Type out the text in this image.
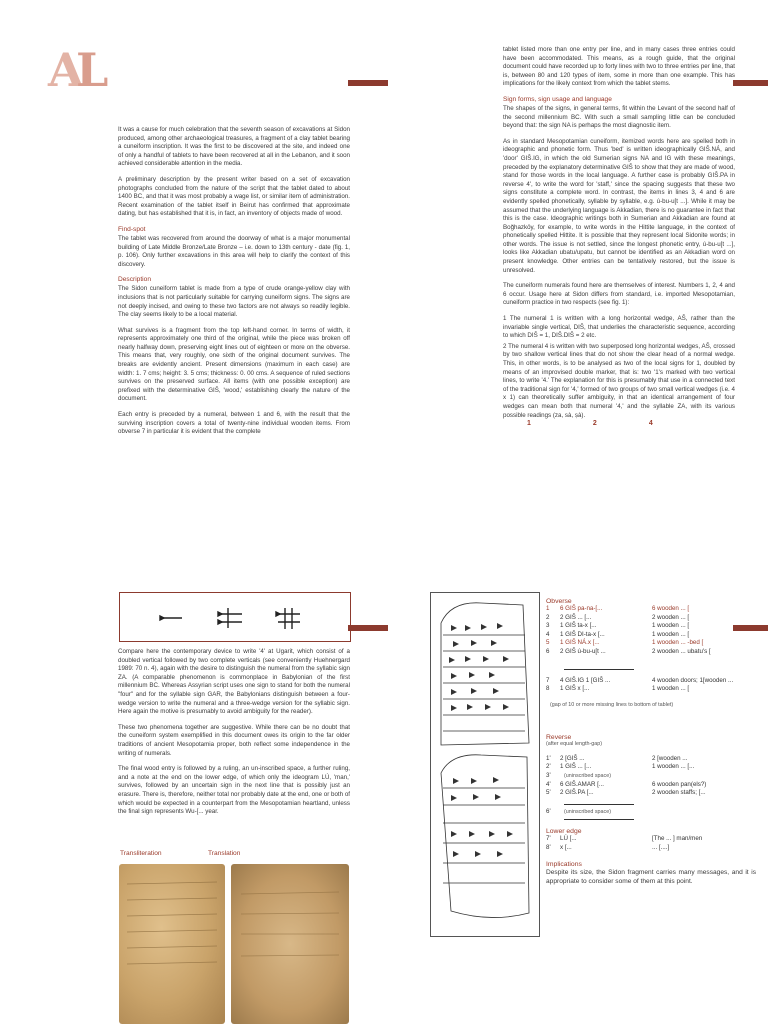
A
L

It was a cause for much celebration that the seventh season of excavations at Sidon produced, among other archaeological treasures, a fragment of a clay tablet bearing a cuneiform inscription. It was the first to be discovered at the site, and indeed one of only a handful of tablets to have been recovered at all in the Lebanon, and it soon achieved considerable attention in the media.

A preliminary description by the present writer based on a set of excavation photographs concluded from the nature of the script that the tablet dated to about 1400 BC, and that it was most probably a wage list, or similar item of administration. Recent examination of the tablet itself in Beirut has confirmed that approximate dating, but has established that it is, in fact, an inventory of objects made of wood.

Find-spot

The tablet was recovered from around the doorway of what is a major monumental building of Late Middle Bronze/Late Bronze – i.e. down to 13th century - date (fig. 1, p. 106). Only further excavations in this area will help to clarify the context of this discovery.

Description

The Sidon cuneiform tablet is made from a type of crude orange-yellow clay with inclusions that is not particularly suitable for carrying cuneiform signs. The signs are not deeply incised, and owing to these two factors are not always so readily legible. The clay seems likely to be a local material.

What survives is a fragment from the top left-hand corner. In terms of width, it represents approximately one third of the original, while the piece was broken off nearly halfway down, preserving eight lines out of eighteen or more on the obverse. This means that, very roughly, one sixth of the original document survives. The breaks are evidently ancient. Present dimensions (maximum in each case) are width: 1. 7 cms; height: 3. 5 cms; thickness: 0. 00 cms. A sequence of ruled sections survives on the preserved surface. All items (with one possible exception) are prefixed with the determinative GIŠ, 'wood,' establishing clearly the nature of the document.

Each entry is preceded by a numeral, between 1 and 6, with the result that the surviving inscription covers a total of twenty-nine individual wooden items. From obverse 7 in particular it is evident that the complete

tablet listed more than one entry per line, and in many cases three entries could have been accommodated. This means, as a rough guide, that the original document could have recorded up to forty lines with two to three entries per line, that is, between 80 and 120 types of item, some in more than one example. This has implications for the likely context from which the tablet stems.

Sign forms, sign usage and language

The shapes of the signs, in general terms, fit within the Levant of the second half of the second millennium BC. With such a small sampling little can be concluded beyond that: the sign NA is perhaps the most diagnostic item.

As in standard Mesopotamian cuneiform, itemized words here are spelled both in ideographic and phonetic form. Thus 'bed' is written ideographically GIŠ.NÁ, and 'door' GIŠ.IG, in which the old Sumerian signs NA and IG with these meanings, preceded by the explanatory determinative GIŠ to show that they are made of wood, stand for those words in the local language. A further case is probably GIŠ.PA in reverse 4', to write the word for 'staff,' since the spacing suggests that these two signs constitute a complete word. In contrast, the items in lines 3, 4 and 6 are evidently spelled phonetically, syllable by syllable, e.g. ú-bu-u[t ...]. While it may be assumed that the underlying language is Akkadian, there is no guarantee in fact that this is the case. Ideographic writings both in Sumerian and Akkadian are found at Boğhazköy, for example, to write words in the Hittite language, in the context of phonetically spelled Hittite. It is possible that they represent local Sidonite words; in other words. The issue is not settled, since the longest phonetic entry, ú-bu-u[t ...], looks like Akkadian ubatu/upatu, but cannot be identified as an Akkadian word on present knowledge. Other entries can be tentatively restored, but the issue is unresolved.

The cuneiform numerals found here are themselves of interest. Numbers 1, 2, 4 and 6 occur. Usage here at Sidon differs from standard, i.e. imported Mesopotamian, cuneiform practice in two respects (see fig. 1):

1 The numeral 1 is written with a long horizontal wedge, AŠ, rather than the invariable single vertical, DIŠ, that underlies the characteristic sequence, according to which DIŠ = 1, DIŠ.DIŠ = 2 etc.

2 The numeral 4 is written with two superposed long horizontal wedges, AŠ, crossed by two shallow vertical lines that do not show the clear head of a normal wedge. This, in other words, is to be analysed as two of the local signs for 1, doubled by means of an improvised double marker, that is: two '1's marked with two vertical lines, to write '4.' The explanation for this is presumably that use in a connected text of the traditional sign for '4,' formed of two groups of two small vertical wedges (i.e. 4 x 1) can theoretically suffer ambiguity, in that an identical arrangement of four wedges can mean both that numeral '4,' and the syllable ZA, with its various possible readings (za, sà, ṣà).

1	2	4

Compare here the contemporary device to write '4' at Ugarit, which consist of a doubled vertical followed by two complete verticals (see conveniently Huehnergard 1989: 70 n. 4), again with the desire to distinguish the numeral from the syllabic sign ZA. (A comparable phenomenon is commonplace in Babylonian of the first millennium BC. Whereas Assyrian script uses one sign to stand for both the numeral "four" and for the syllable sign GAR, the Babylonians distinguish between a four-wedge version to write the numeral and a three-wedge version for the syllabic sign. Here again the motive is presumably to avoid ambiguity for the reader).

These two phenomena together are suggestive. While there can be no doubt that the cuneiform system exemplified in this document owes its origin to the far older traditions of ancient Mesopotamia proper, both reflect some independence in the writing of numerals.

The final wood entry is followed by a ruling, an un-inscribed space, a further ruling, and a note at the end on the lower edge, of which only the ideogram LÚ, 'man,' survives, followed by an uncertain sign in the next line that is possibly just an erasure. There is, therefore, neither total nor probably date at the end, one or both of which would be expected in a counterpart from the Mesopotamian heartland, unless the final sign represents Wu-[... year.

Transliteration	Translation
Obverse
1	6 GIŠ pa-na-[...	6 wooden ... [
2	2 GIŠ ... [...	2 wooden ... [
3	1 GIŠ ta-x [...	1 wooden ... [
4	1 GIŠ DI-ta-x [...	1 wooden ... [
5	1 GIŠ NÁ.x [...	1 wooden ... -bed [
6	2 GIŠ ú-bu-u[t ...	2 wooden ... ubatu's [
7	4 GIŠ.IG 1 [GIŠ ...	4 wooden doors; 1[wooden ...
8	1 GIŠ x [...	1 wooden ... [
(gap of 10 or more missing lines to bottom of tablet)
Reverse
(after equal length-gap)
1'	2 [GIŠ ...	2 [wooden ...
2'	1 GIŠ ... [...	1 wooden ... [...
3'	(uninscribed space)
4'	6 GIŠ.AMAR [...	6 wooden pan(els?)
5'	2 GIŠ.PA [...	2 wooden staffs; [...
6'	(uninscribed space)
Lower edge
7'	LÚ [...	[The ... ] man/men
8'	x [...	... [....]
Implications

Despite its size, the Sidon fragment carries many messages, and it is appropriate to consider some of them at this point.
